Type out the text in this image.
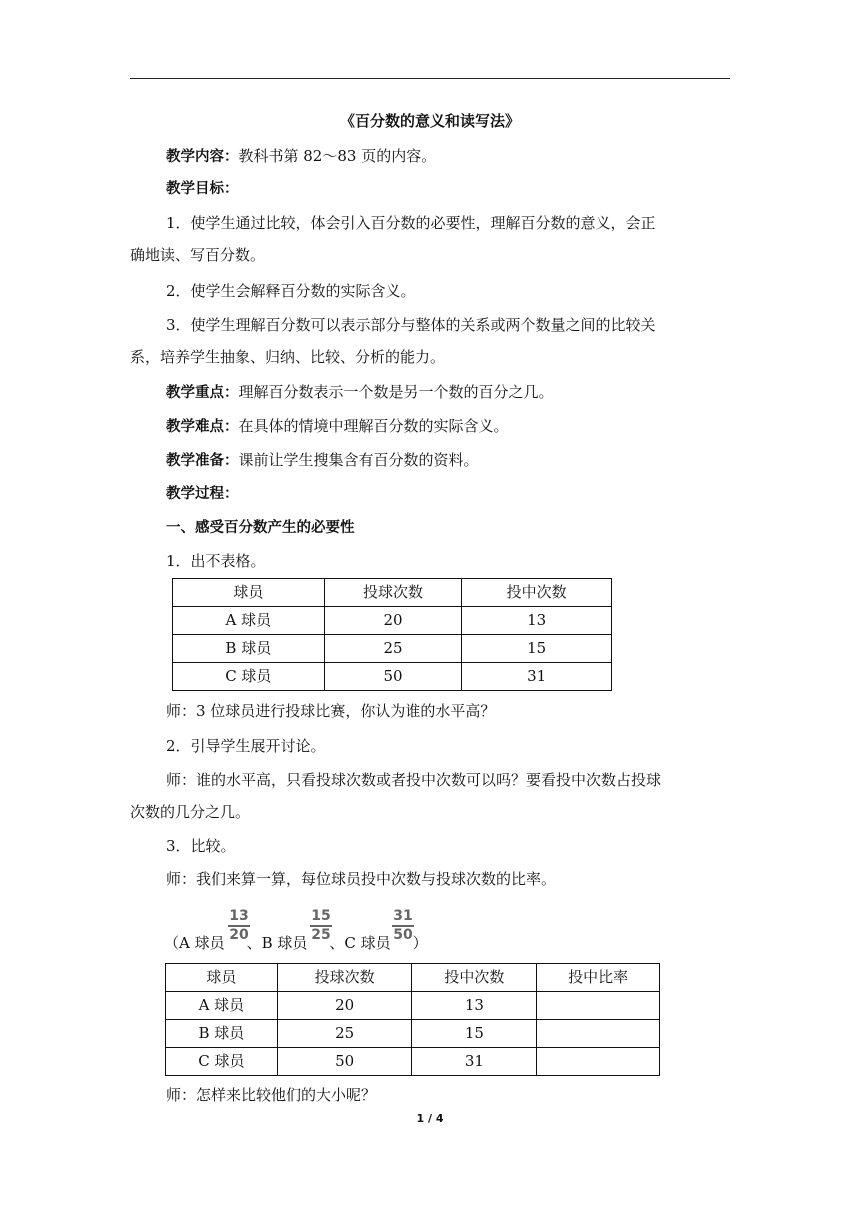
《百分数的意义和读写法》
教学内容：教科书第 82～83 页的内容。
教学目标：
1．使学生通过比较，体会引入百分数的必要性，理解百分数的意义，会正
确地读、写百分数。
2．使学生会解释百分数的实际含义。
3．使学生理解百分数可以表示部分与整体的关系或两个数量之间的比较关
系，培养学生抽象、归纳、比较、分析的能力。
教学重点：理解百分数表示一个数是另一个数的百分之几。
教学难点：在具体的情境中理解百分数的实际含义。
教学准备：课前让学生搜集含有百分数的资料。
教学过程：
一、感受百分数产生的必要性
1．出不表格。
球员	投球次数	投中次数
A 球员	20	13
B 球员	25	15
C 球员	50	31
师：3 位球员进行投球比赛，你认为谁的水平高？
2．引导学生展开讨论。
师：谁的水平高，只看投球次数或者投中次数可以吗？要看投中次数占投球
次数的几分之几。
3．比较。
师：我们来算一算，每位球员投中次数与投球次数的比率。
（A 球员 、B 球员 、C 球员 ）
13
20
15
25
31
50
球员	投球次数	投中次数	投中比率
A 球员	20	13	
B 球员	25	15	
C 球员	50	31	
师：怎样来比较他们的大小呢？
1 / 4
